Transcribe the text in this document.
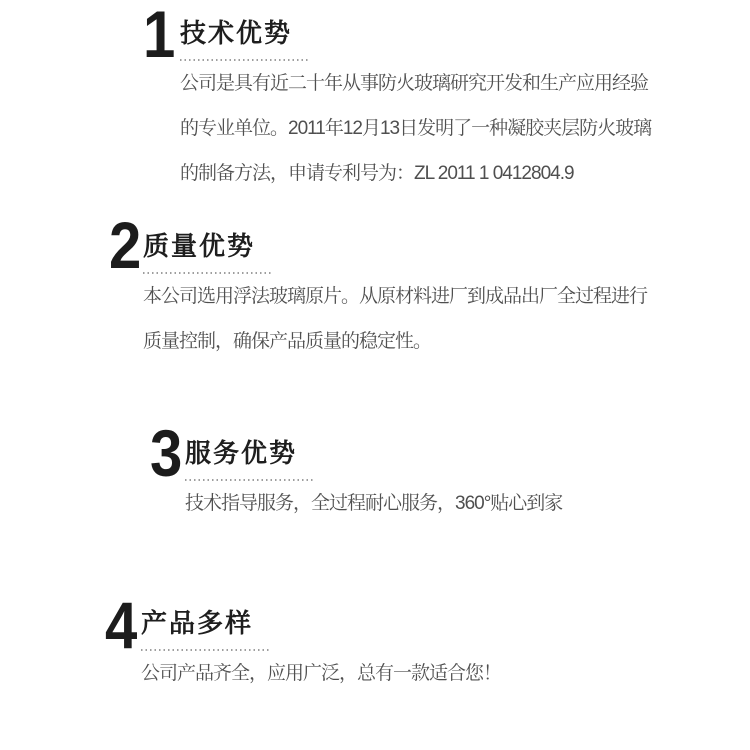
1 技术优势
公司是具有近二十年从事防火玻璃研究开发和生产应用经验
的专业单位。2011年12月13日发明了一种凝胶夹层防火玻璃
的制备方法，申请专利号为：ZL 2011 1 0412804.9
2 质量优势
本公司选用浮法玻璃原片。从原材料进厂到成品出厂全过程进行
质量控制，确保产品质量的稳定性。
3 服务优势
技术指导服务，全过程耐心服务，360°贴心到家
4 产品多样
公司产品齐全，应用广泛，总有一款适合您！
